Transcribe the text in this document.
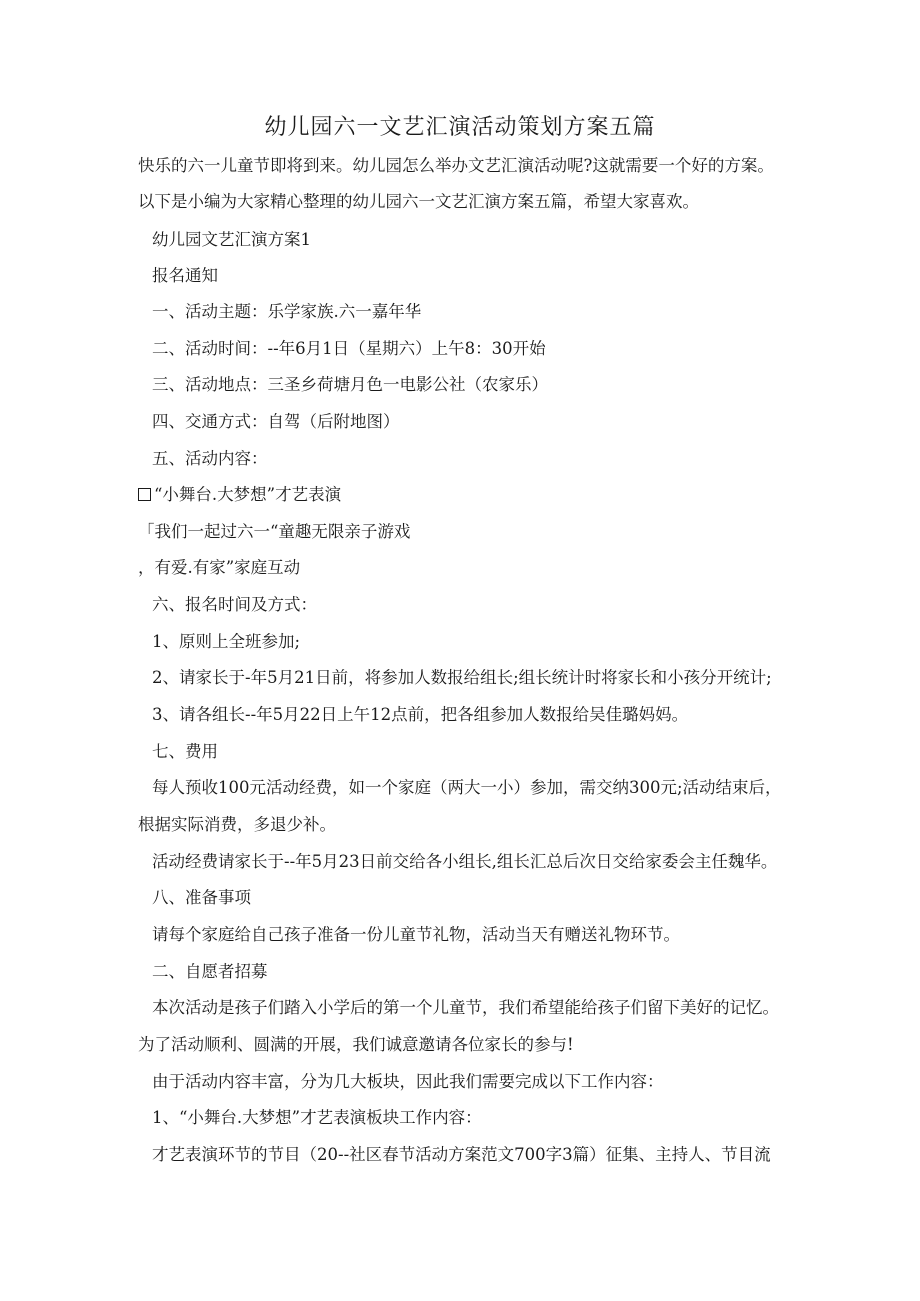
幼儿园六一文艺汇演活动策划方案五篇
快乐的六一儿童节即将到来。幼儿园怎么举办文艺汇演活动呢?这就需要一个好的方案。
以下是小编为大家精心整理的幼儿园六一文艺汇演方案五篇，希望大家喜欢。
幼儿园文艺汇演方案1
报名通知
一、活动主题：乐学家族.六一嘉年华
二、活动时间：--年6月1日（星期六）上午8：30开始
三、活动地点：三圣乡荷塘月色一电影公社（农家乐）
四、交通方式：自驾（后附地图）
五、活动内容：
“小舞台.大梦想”才艺表演
「我们一起过六一“童趣无限亲子游戏
，有爱.有家”家庭互动
六、报名时间及方式：
1、原则上全班参加;
2、请家长于-年5月21日前，将参加人数报给组长;组长统计时将家长和小孩分开统计;
3、请各组长--年5月22日上午12点前，把各组参加人数报给吴佳璐妈妈。
七、费用
每人预收100元活动经费，如一个家庭（两大一小）参加，需交纳300元;活动结束后，
根据实际消费，多退少补。
活动经费请家长于--年5月23日前交给各小组长,组长汇总后次日交给家委会主任魏华。
八、准备事项
请每个家庭给自己孩子准备一份儿童节礼物，活动当天有赠送礼物环节。
二、自愿者招募
本次活动是孩子们踏入小学后的第一个儿童节，我们希望能给孩子们留下美好的记忆。
为了活动顺利、圆满的开展，我们诚意邀请各位家长的参与!
由于活动内容丰富，分为几大板块，因此我们需要完成以下工作内容：
1、“小舞台.大梦想”才艺表演板块工作内容：
才艺表演环节的节目（20--社区春节活动方案范文700字3篇）征集、主持人、节目流
